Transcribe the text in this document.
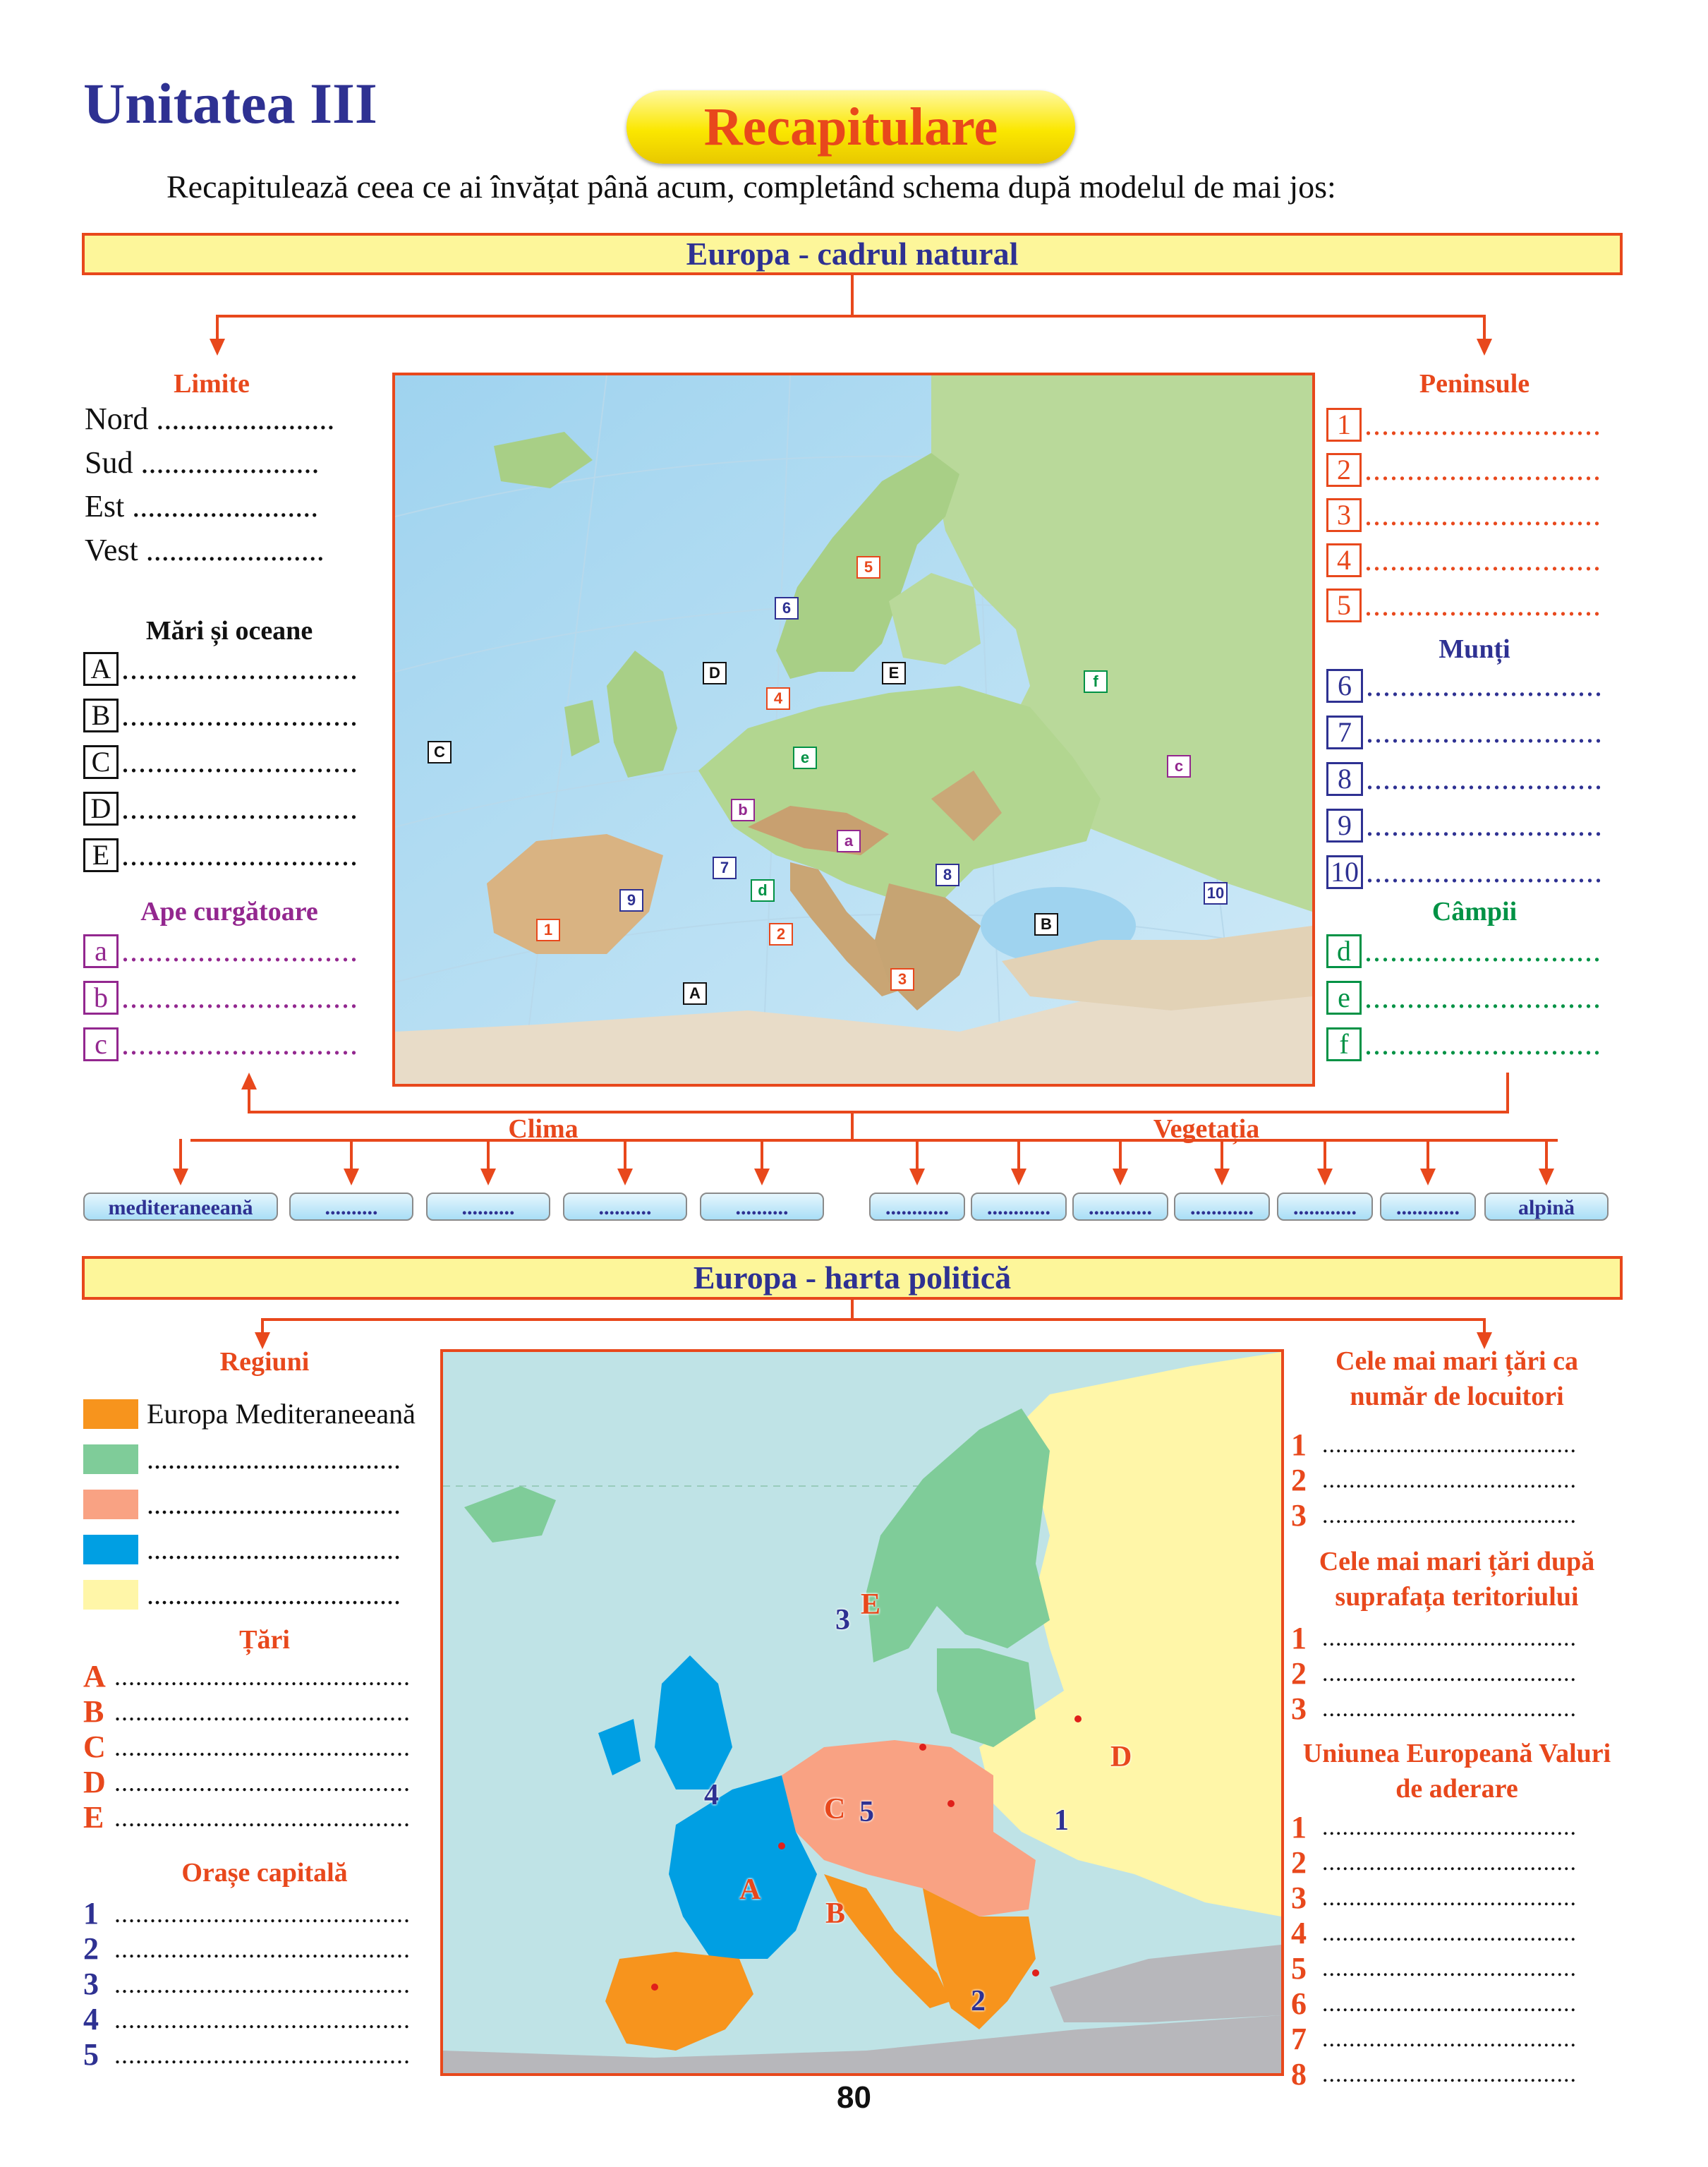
Unitatea III	Recapitulare
Recapitulează ceea ce ai învățat până acum, completând schema după modelul de mai jos:
Europa - cadrul natural
Limite
Nord .......................
Sud .......................
Est ........................
Vest .......................
Mări și oceane
A ............................
B ............................
C ............................
D ............................
E ............................
Ape curgătoare
a ............................
b ............................
c ............................
A
B
C
D	E
1	2
3
4
5
6
7	8
9	10
a
b
c
d
e
f
Peninsule
1 ............................
2 ............................
3 ............................
4 ............................
5 ............................
Munți
6 ............................
7 ............................
8 ............................
9 ............................
10 ............................
Câmpii
d ............................
e ............................
f ............................
Clima	Vegetația
mediteraneeană	..........	..........	..........	..........	............	............	............	............	............	............	alpină
Europa - harta politică
Regiuni
Europa Mediteraneeană
....................................
....................................
....................................
....................................
Țări
A ..........................................
B ..........................................
C ..........................................
D ..........................................
E ..........................................
Orașe capitală
1 ..........................................
2 ..........................................
3 ..........................................
4 ..........................................
5 ..........................................
A
B
C
D
E
1
2
3
4
5
Cele mai mari țări ca număr de locuitori
1 ......................................
2 ......................................
3 ......................................
Cele mai mari țări după suprafața teritoriului
1 ......................................
2 ......................................
3 ......................................
Uniunea Europeană Valuri de aderare
1 ......................................
2 ......................................
3 ......................................
4 ......................................
5 ......................................
6 ......................................
7 ......................................
8 ......................................
80
